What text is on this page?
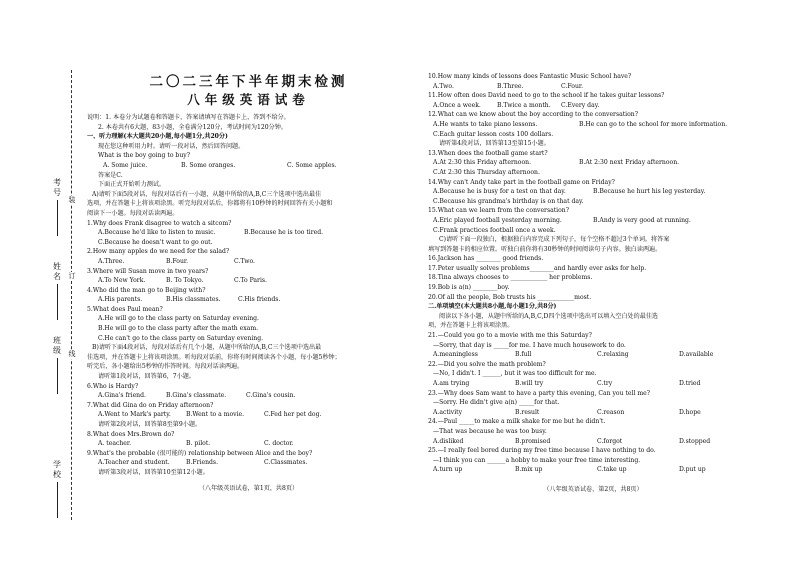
考号
姓名
班级
学校
装
订
线
二〇二三年下半年期末检测
八年级英语试卷
说明：1. 本卷分为试题卷和答题卡，答案请填写在答题卡上，答到不给分。
2. 本卷共有6大题，83小题，全卷满分120分，考试时间为120分钟。
一、听力理解(本大题共20小题,每小题1分,共20分)
现在您这种听用力时。请听一段对话，然后回答问题。
What is the boy going to buy?
A. Some juice.	B. Some oranges.	C. Some apples.
答案是C.
下面正式开始听力测试。
A)请听下面5段对话，每段对话后有一小题，从题中所给的A,B,C三个选项中选出最佳
选项，并在答题卡上将该项涂黑。听完每段对话后，你都将有10秒钟的时间回答有关小题和
阅读下一小题。每段对话读两遍。
1.Why does Frank disagree to watch a sitcom?
A.Because he'd like to listen to music.	B.Because he is too tired.
C.Because he doesn't want to go out.
2.How many apples do we need for the salad?
A.Three.	B.Four.	C.Two.
3.Where will Susan move in two years?
A.To New York.	B. To Tokyo.	C.To Paris.
4.Who did the man go to Beijing with?
A.His parents.	B.His classmates.	C.His friends.
5.What does Paul mean?
A.He will go to the class party on Saturday evening.
B.He will go to the class party after the math exam.
C.He can't go to the class party on Saturday evening.
B)请听下面4段对话，每段对话后有几个小题，从题中所给的A,B,C三个选项中选出最
佳选项，并在答题卡上将该项涂黑。听每段对话前，你将有时间阅读各个小题，每小题5秒钟；
听完后，各小题给出5秒钟的作答时间。每段对话读两遍。
请听第1段对话，回答第6，7小题。
6.Who is Hardy?
A.Gina's friend.	B.Gina's classmate.	C.Gina's cousin.
7.What did Gina do on Friday afternoon?
A.Went to Mark's party.	B.Went to a movie.	C.Fed her pet dog.
请听第2段对话，回答第8至第9小题。
8.What does Mrs.Brown do?
A. teacher.	B. pilot.	C. doctor.
9.What's the probable (很可能的) relationship between Alice and the boy?
A.Teacher and student.	B.Friends.	C.Classmates.
请听第3段对话，回答第10至第12小题。
（八年级英语试卷，第1页，共8页）
10.How many kinds of lessons does Fantastic Music School have?
A.Two.	B.Three.	C.Four.
11.How often does David need to go to the school if he takes guitar lessons?
A.Once a week.	B.Twice a month.	C.Every day.
12.What can we know about the boy according to the conversation?
A.He wants to take piano lessons.	B.He can go to the school for more information.
C.Each guitar lesson costs 100 dollars.
请听第4段对话，回答第13至第15小题。
13.When does the football game start?
A.At 2:30 this Friday afternoon.	B.At 2:30 next Friday afternoon.
C.At 2:30 this Thursday afternoon.
14.Why can't Andy take part in the football game on Friday?
A.Because he is busy for a test on that day.	B.Because he hurt his leg yesterday.
C.Because his grandma's birthday is on that day.
15.What can we learn from the conversation?
A.Eric played football yesterday morning.	B.Andy is very good at running.
C.Frank practices football once a week.
C)请听下面一段独白，根据独白内容完成下列句子，每个空格不超过3个单词。将答案
填写到答题卡的相应位置。听独白前你将有30秒钟的时间阅读句子内容。独白读两遍。
16.Jackson has ________ good friends.
17.Peter usually solves problems________and hardly ever asks for help.
18.Tina always chooses to ____________ her problems.
19.Bob is a(n) ________boy.
20.Of all the people, Bob trusts his ____________most.
二.单项填空(本大题共8小题,每小题1分,共8分)
阅读以下各小题，从题中所给的A,B,C,D四个选项中选出可以填入空白处的最佳选
项，并在答题卡上将该项涂黑。
21.—Could you go to a movie with me this Saturday?
—Sorry, that day is _____for me. I have much housework to do.
A.meaningless	B.full	C.relaxing	D.available
22.—Did you solve the math problem?
—No, I didn't. I ______, but it was too difficult for me.
A.am trying	B.will try	C.try	D.tried
23.—Why does Sam want to have a party this evening, Can you tell me?
—Sorry. He didn't give a(n) _____for that.
A.activity	B.result	C.reason	D.hope
24.—Paul _____to make a milk shake for me but he didn't.
—That was because he was too busy.
A.disliked	B.promised	C.forgot	D.stopped
25.—I really feel bored during my free time because I have nothing to do.
—I think you can ______a hobby to make your free time interesting.
A.turn up	B.mix up	C.take up	D.put up
（八年级英语试卷，第2页，共8页）
